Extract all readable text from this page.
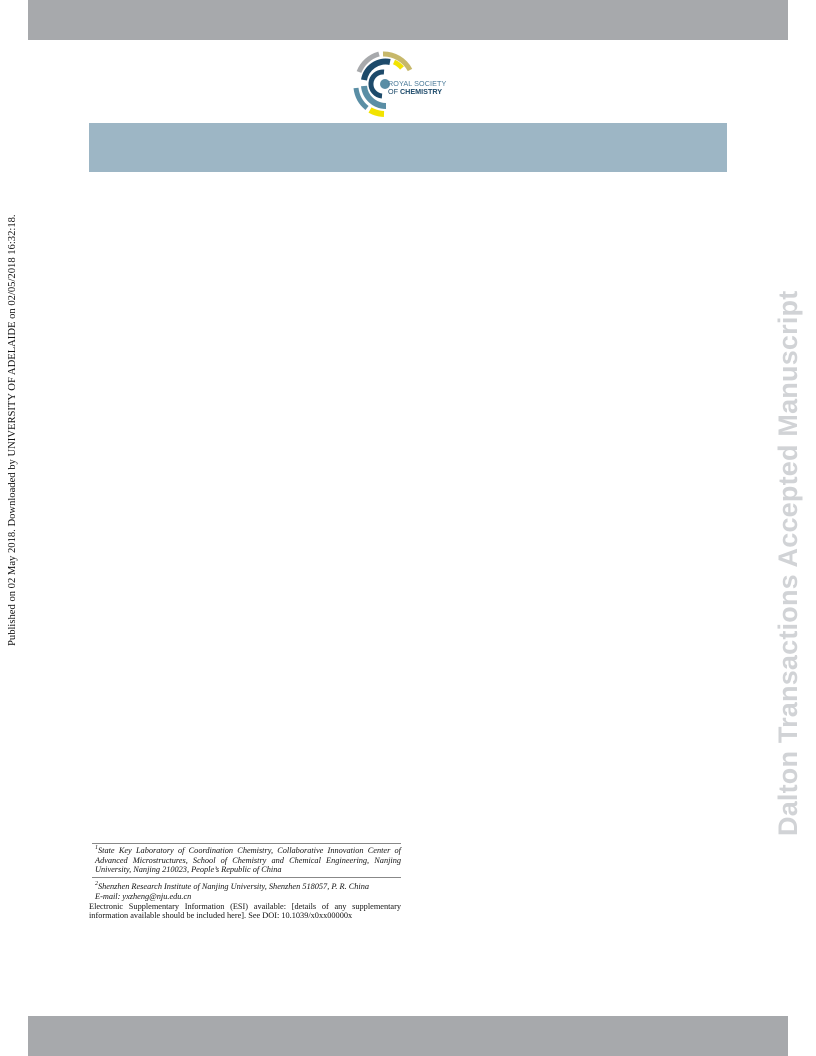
ROYAL SOCIETY
OF CHEMISTRY
Published on 02 May 2018. Downloaded by UNIVERSITY OF ADELAIDE on 02/05/2018 16:32:18.	Dalton Transactions Accepted Manuscript
$^1$State Key Laboratory of Coordination Chemistry, Collaborative Innovation Center of Advanced Microstructures, School of Chemistry and Chemical Engineering, Nanjing University, Nanjing 210023, People’s Republic of China
$^2$Shenzhen Research Institute of Nanjing University, Shenzhen 518057, P. R. China
E-mail: yxzheng@nju.edu.cn
Electronic Supplementary Information (ESI) available: [details of any supplementary information available should be included here]. See DOI: 10.1039/x0xx00000x
